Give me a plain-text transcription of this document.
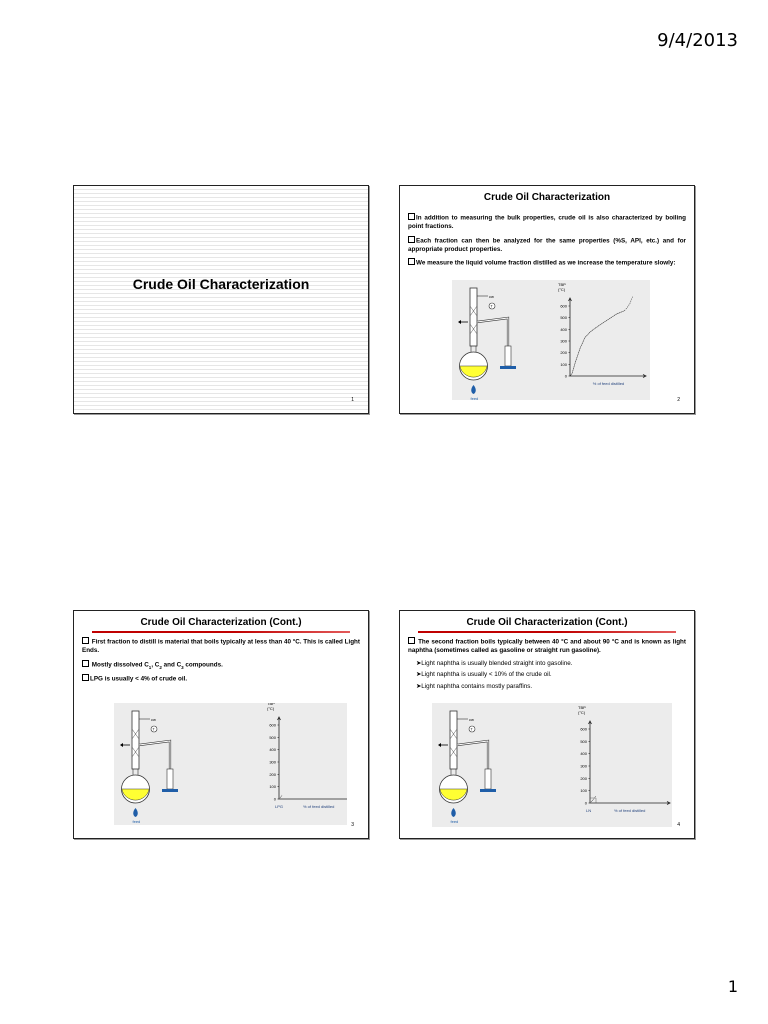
9/4/2013
Crude Oil Characterization
1
Crude Oil Characterization

In addition to measuring the bulk properties, crude oil is also characterized by boiling point fractions.

Each fraction can then be analyzed for the same properties (%S, API, etc.) and for appropriate product properties.

We measure the liquid volume fraction distilled as we increase the temperature slowly:

cw
T
feed
TBP
(°C)
600
500
400
300
200
100
0
% of feed distilled
2
Crude Oil Characterization (Cont.)

First fraction to distill is material that boils typically at less than 40 °C. This is called Light Ends.

Mostly dissolved $C_1$, $C_2$ and $C_3$ compounds.

LPG is usually < 4% of crude oil.

cw
T
feed
TBP
(°C)
600
500
400
300
200
100
0
% of feed distilled
LPG
3
Crude Oil Characterization (Cont.)

The second fraction boils typically between 40 °C and about 90 °C and is known as light naphtha (sometimes called as gasoline or straight run gasoline).

➤Light naphtha is usually blended straight into gasoline.

➤Light naphtha is usually < 10% of the crude oil.

➤Light naphtha contains mostly paraffins.

cw
T
feed
TBP
(°C)
600
500
400
300
200
100
0
% of feed distilled
LN
4
1
